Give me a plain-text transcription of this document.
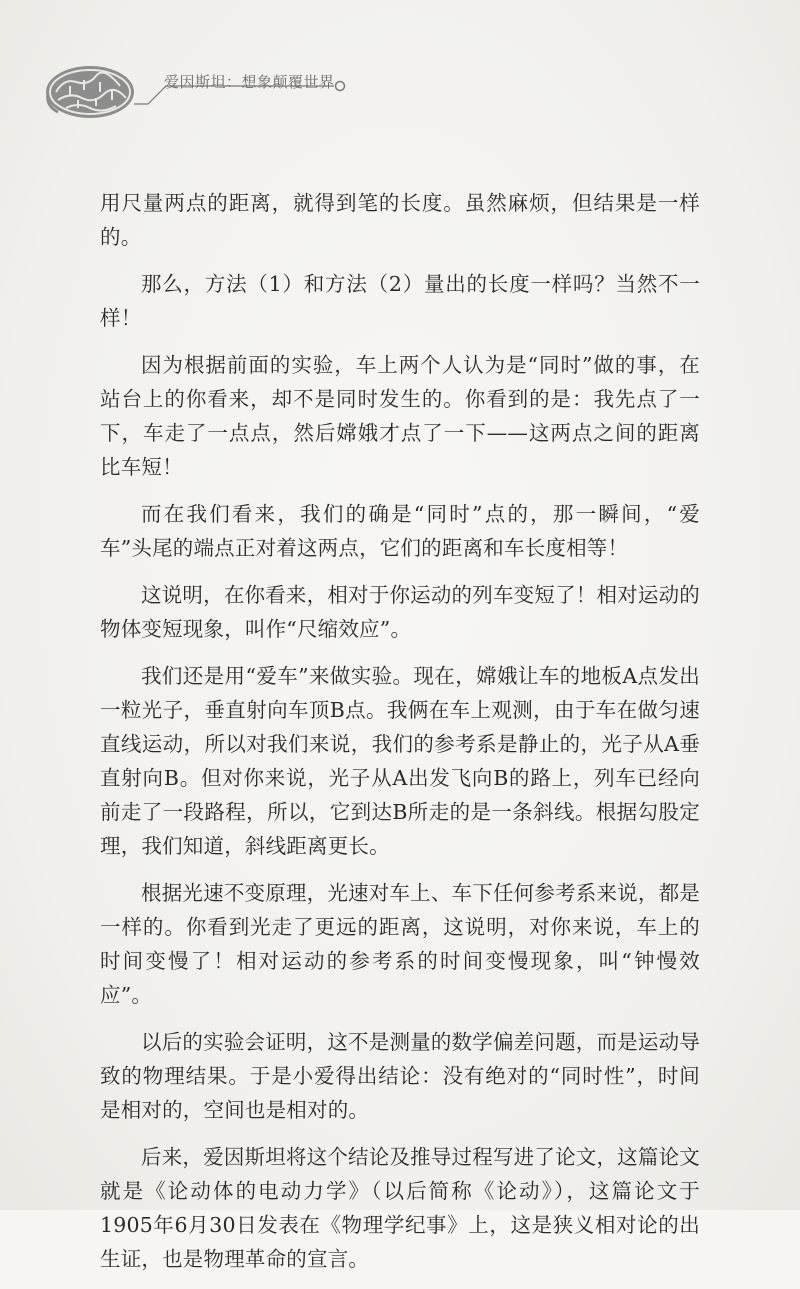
爱因斯坦：想象颠覆世界

用尺量两点的距离，就得到笔的长度。虽然麻烦，但结果是一样的。

那么，方法（1）和方法（2）量出的长度一样吗？当然不一样！

因为根据前面的实验，车上两个人认为是“同时”做的事，在站台上的你看来，却不是同时发生的。你看到的是：我先点了一下，车走了一点点，然后嫦娥才点了一下——这两点之间的距离比车短！

而在我们看来，我们的确是“同时”点的，那一瞬间，“爱车”头尾的端点正对着这两点，它们的距离和车长度相等！

这说明，在你看来，相对于你运动的列车变短了！相对运动的物体变短现象，叫作“尺缩效应”。

我们还是用“爱车”来做实验。现在，嫦娥让车的地板A点发出一粒光子，垂直射向车顶B点。我俩在车上观测，由于车在做匀速直线运动，所以对我们来说，我们的参考系是静止的，光子从A垂直射向B。但对你来说，光子从A出发飞向B的路上，列车已经向前走了一段路程，所以，它到达B所走的是一条斜线。根据勾股定理，我们知道，斜线距离更长。

根据光速不变原理，光速对车上、车下任何参考系来说，都是一样的。你看到光走了更远的距离，这说明，对你来说，车上的时间变慢了！相对运动的参考系的时间变慢现象，叫“钟慢效应”。

以后的实验会证明，这不是测量的数学偏差问题，而是运动导致的物理结果。于是小爱得出结论：没有绝对的“同时性”，时间是相对的，空间也是相对的。

后来，爱因斯坦将这个结论及推导过程写进了论文，这篇论文就是《论动体的电动力学》（以后简称《论动》），这篇论文于1905年6月30日发表在《物理学纪事》上，这是狭义相对论的出生证，也是物理革命的宣言。
